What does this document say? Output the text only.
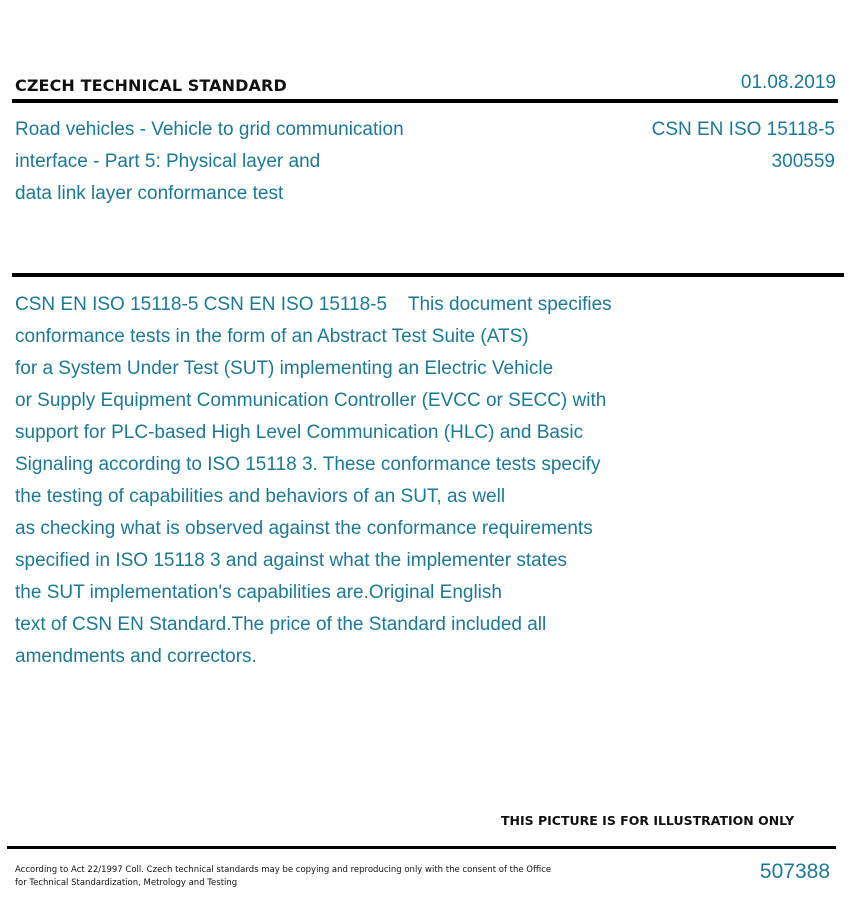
CZECH TECHNICAL STANDARD	01.08.2019
Road vehicles - Vehicle to grid communication
interface - Part 5: Physical layer and
data link layer conformance test
CSN EN ISO 15118-5
300559
CSN EN ISO 15118-5 CSN EN ISO 15118-5    This document specifies
conformance tests in the form of an Abstract Test Suite (ATS)
for a System Under Test (SUT) implementing an Electric Vehicle
or Supply Equipment Communication Controller (EVCC or SECC) with
support for PLC-based High Level Communication (HLC) and Basic
Signaling according to ISO 15118 3. These conformance tests specify
the testing of capabilities and behaviors of an SUT, as well
as checking what is observed against the conformance requirements
specified in ISO 15118 3 and against what the implementer states
the SUT implementation's capabilities are.Original English
text of CSN EN Standard.The price of the Standard included all
amendments and correctors.
THIS PICTURE IS FOR ILLUSTRATION ONLY
According to Act 22/1997 Coll. Czech technical standards may be copying and reproducing only with the consent of the Office
for Technical Standardization, Metrology and Testing	507388
